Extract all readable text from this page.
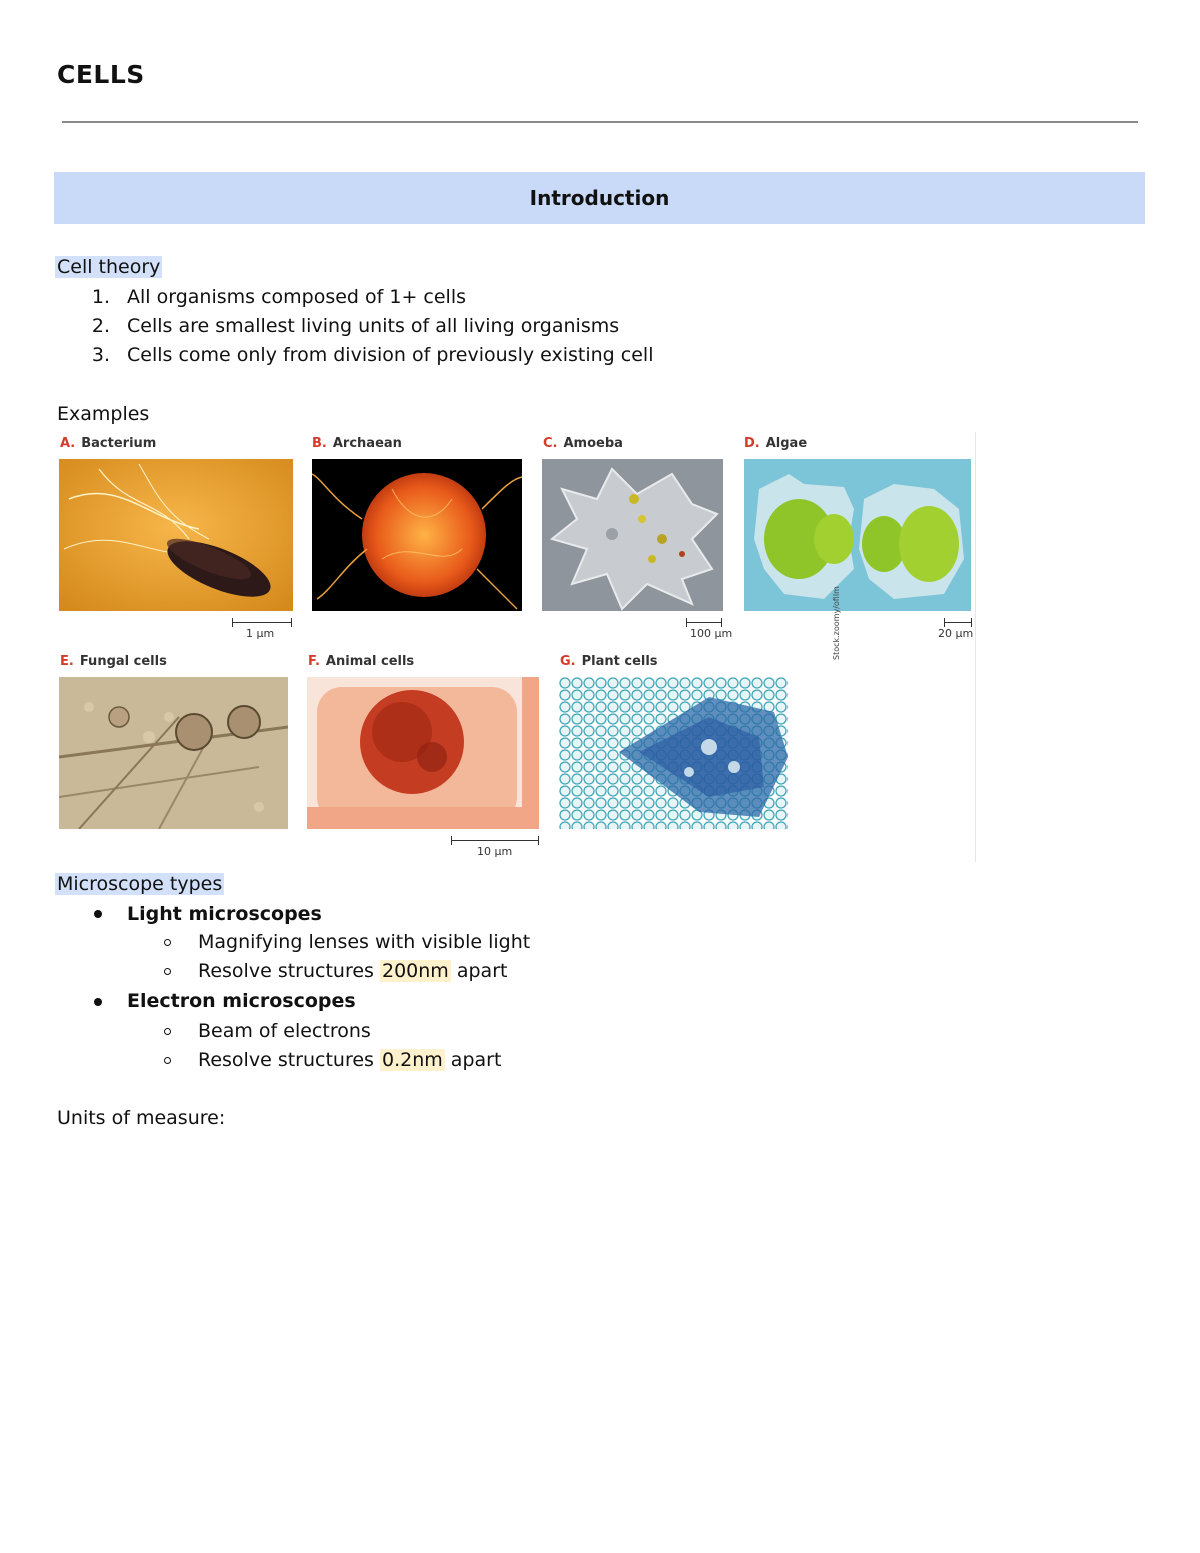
CELLS
Introduction
Cell theory
1. All organisms composed of 1+ cells
2. Cells are smallest living units of all living organisms
3. Cells come only from division of previously existing cell
Examples
A. Bacterium
1 μm
B. Archaean	C. Amoeba
100 μm
D. Algae
Stock.zoomy/ofilm	20 μm
E. Fungal cells	F. Animal cells
10 μm
G. Plant cells
Microscope types
Light microscopes
Magnifying lenses with visible light
Resolve structures 200nm apart
Electron microscopes
Beam of electrons
Resolve structures 0.2nm apart
Units of measure:
